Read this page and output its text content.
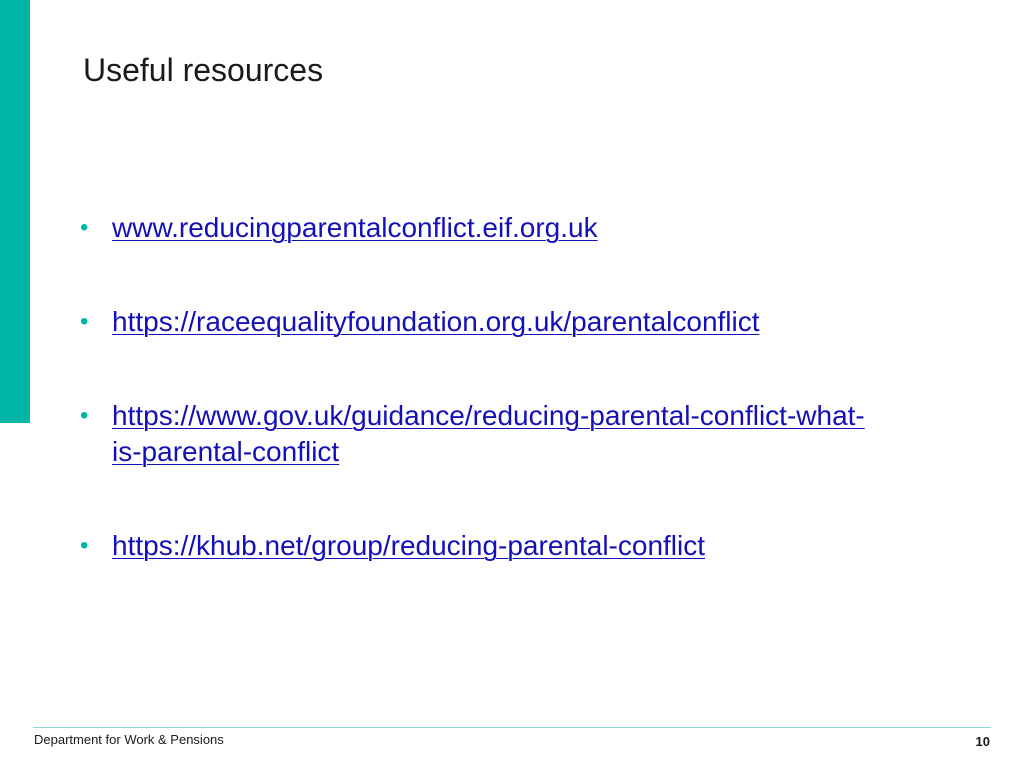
Useful resources
• www.reducingparentalconflict.eif.org.uk
• https://raceequalityfoundation.org.uk/parentalconflict
• https://www.gov.uk/guidance/reducing-parental-conflict-what-
is-parental-conflict
• https://khub.net/group/reducing-parental-conflict
Department for Work & Pensions	10
